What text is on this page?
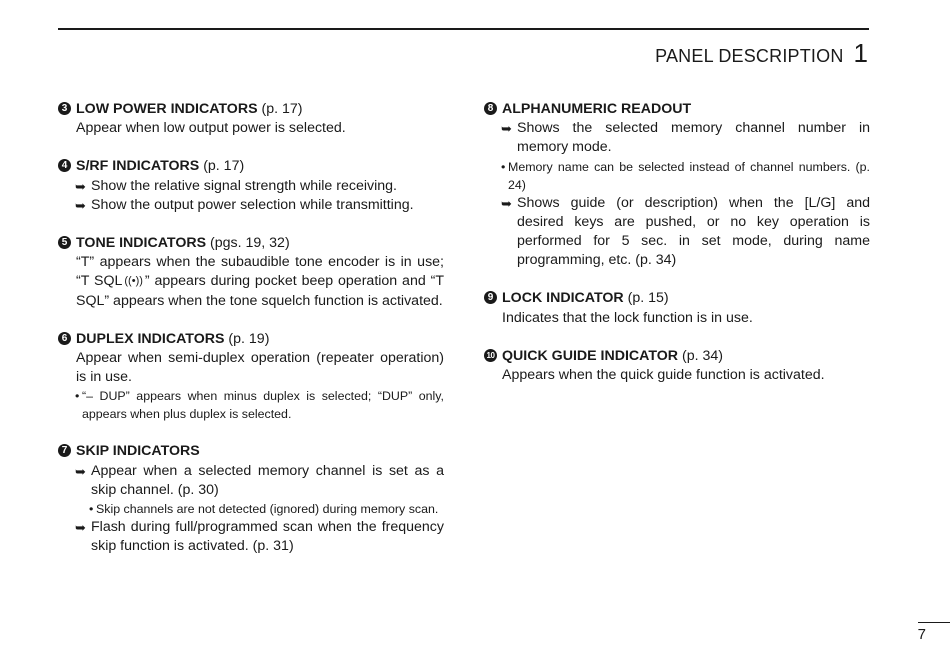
PANEL DESCRIPTION 1
3 LOW POWER INDICATORS (p. 17)
Appear when low output power is selected.
4 S/RF INDICATORS (p. 17)
➥ Show the relative signal strength while receiving.
➥ Show the output power selection while transmitting.
5 TONE INDICATORS (pgs. 19, 32)
“T” appears when the subaudible tone encoder is in use; “T SQL ((•)) ” appears during pocket beep operation and “T SQL” appears when the tone squelch function is activated.
6 DUPLEX INDICATORS (p. 19)
Appear when semi-duplex operation (repeater operation) is in use.
• “– DUP” appears when minus duplex is selected; “DUP” only, appears when plus duplex is selected.
7 SKIP INDICATORS
➥ Appear when a selected memory channel is set as a skip channel. (p. 30)
• Skip channels are not detected (ignored) during memory scan.
➥ Flash during full/programmed scan when the frequency skip function is activated. (p. 31)
8 ALPHANUMERIC READOUT
➥ Shows the selected memory channel number in memory mode.
• Memory name can be selected instead of channel numbers. (p. 24)
➥ Shows guide (or description) when the [L/G] and desired keys are pushed, or no key operation is performed for 5 sec. in set mode, during name programming, etc. (p. 34)
9 LOCK INDICATOR (p. 15)
Indicates that the lock function is in use.
10 QUICK GUIDE INDICATOR (p. 34)
Appears when the quick guide function is activated.
7
